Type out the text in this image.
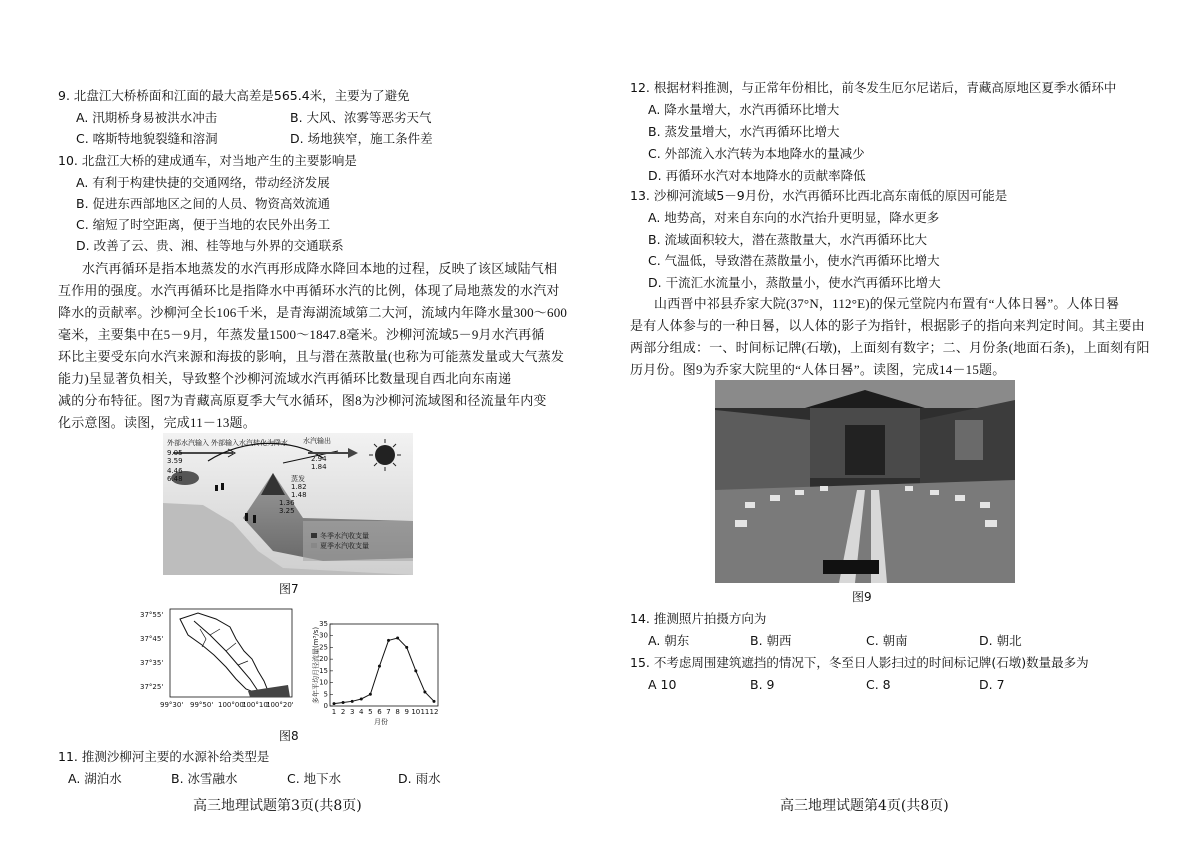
9. 北盘江大桥桥面和江面的最大高差是565.4米，主要为了避免
A. 汛期桥身易被洪水冲击	B. 大风、浓雾等恶劣天气
C. 喀斯特地貌裂缝和溶洞	D. 场地狭窄，施工条件差
10. 北盘江大桥的建成通车，对当地产生的主要影响是
A. 有利于构建快捷的交通网络，带动经济发展
B. 促进东西部地区之间的人员、物资高效流通
C. 缩短了时空距离，便于当地的农民外出务工
D. 改善了云、贵、湘、桂等地与外界的交通联系
水汽再循环是指本地蒸发的水汽再形成降水降回本地的过程，反映了该区域陆气相
互作用的强度。水汽再循环比是指降水中再循环水汽的比例，体现了局地蒸发的水汽对
降水的贡献率。沙柳河全长106千米，是青海湖流域第二大河，流域内年降水量300～600
毫米，主要集中在5－9月，年蒸发量1500～1847.8毫米。沙柳河流域5－9月水汽再循
环比主要受东向水汽来源和海拔的影响，且与潜在蒸散量(也称为可能蒸发量或大气蒸发
能力)呈显著负相关，导致整个沙柳河流域水汽再循环比数量现自西北向东南递
减的分布特征。图7为青藏高原夏季大气水循环，图8为沙柳河流域图和径流量年内变
化示意图。读图，完成11－13题。
外部水汽输入
9.05
3.59
外部输入水汽转化为降水 水汽输出
2.94
1.84
4.46
6.48	蒸发
1.82
1.48
1.36
3.25
冬季水汽收支量
夏季水汽收支量
图7
37°55'
37°45'
37°35'
37°25'
99°30' 99°50' 100°00'
100°10'
100°20'
多年平均月径流量(m³/s)
月份
0
5
10
15
20
25
30
35
1 2 3 4 5 6 7 8 9 10 11 12
图8
11. 推测沙柳河主要的水源补给类型是
A. 湖泊水	B. 冰雪融水	C. 地下水	D. 雨水
高三地理试题第3页(共8页)
12. 根据材料推测，与正常年份相比，前冬发生厄尔尼诺后，青藏高原地区夏季水循环中
A. 降水量增大，水汽再循环比增大
B. 蒸发量增大，水汽再循环比增大
C. 外部流入水汽转为本地降水的量减少
D. 再循环水汽对本地降水的贡献率降低
13. 沙柳河流域5－9月份，水汽再循环比西北高东南低的原因可能是
A. 地势高，对来自东向的水汽抬升更明显，降水更多
B. 流域面积较大，潜在蒸散量大，水汽再循环比大
C. 气温低，导致潜在蒸散量小，使水汽再循环比增大
D. 干流汇水流量小，蒸散量小，使水汽再循环比增大
山西晋中祁县乔家大院(37°N，112°E)的保元堂院内布置有“人体日晷”。人体日晷
是有人体参与的一种日晷，以人体的影子为指针，根据影子的指向来判定时间。其主要由
两部分组成：一、时间标记牌(石墩)，上面刻有数字；二、月份条(地面石条)，上面刻有阳
历月份。图9为乔家大院里的“人体日晷”。读图，完成14－15题。
图9
14. 推测照片拍摄方向为
A. 朝东	B. 朝西	C. 朝南	D. 朝北
15. 不考虑周围建筑遮挡的情况下，冬至日人影扫过的时间标记牌(石墩)数量最多为
A 10	B. 9	C. 8	D. 7
高三地理试题第4页(共8页)
